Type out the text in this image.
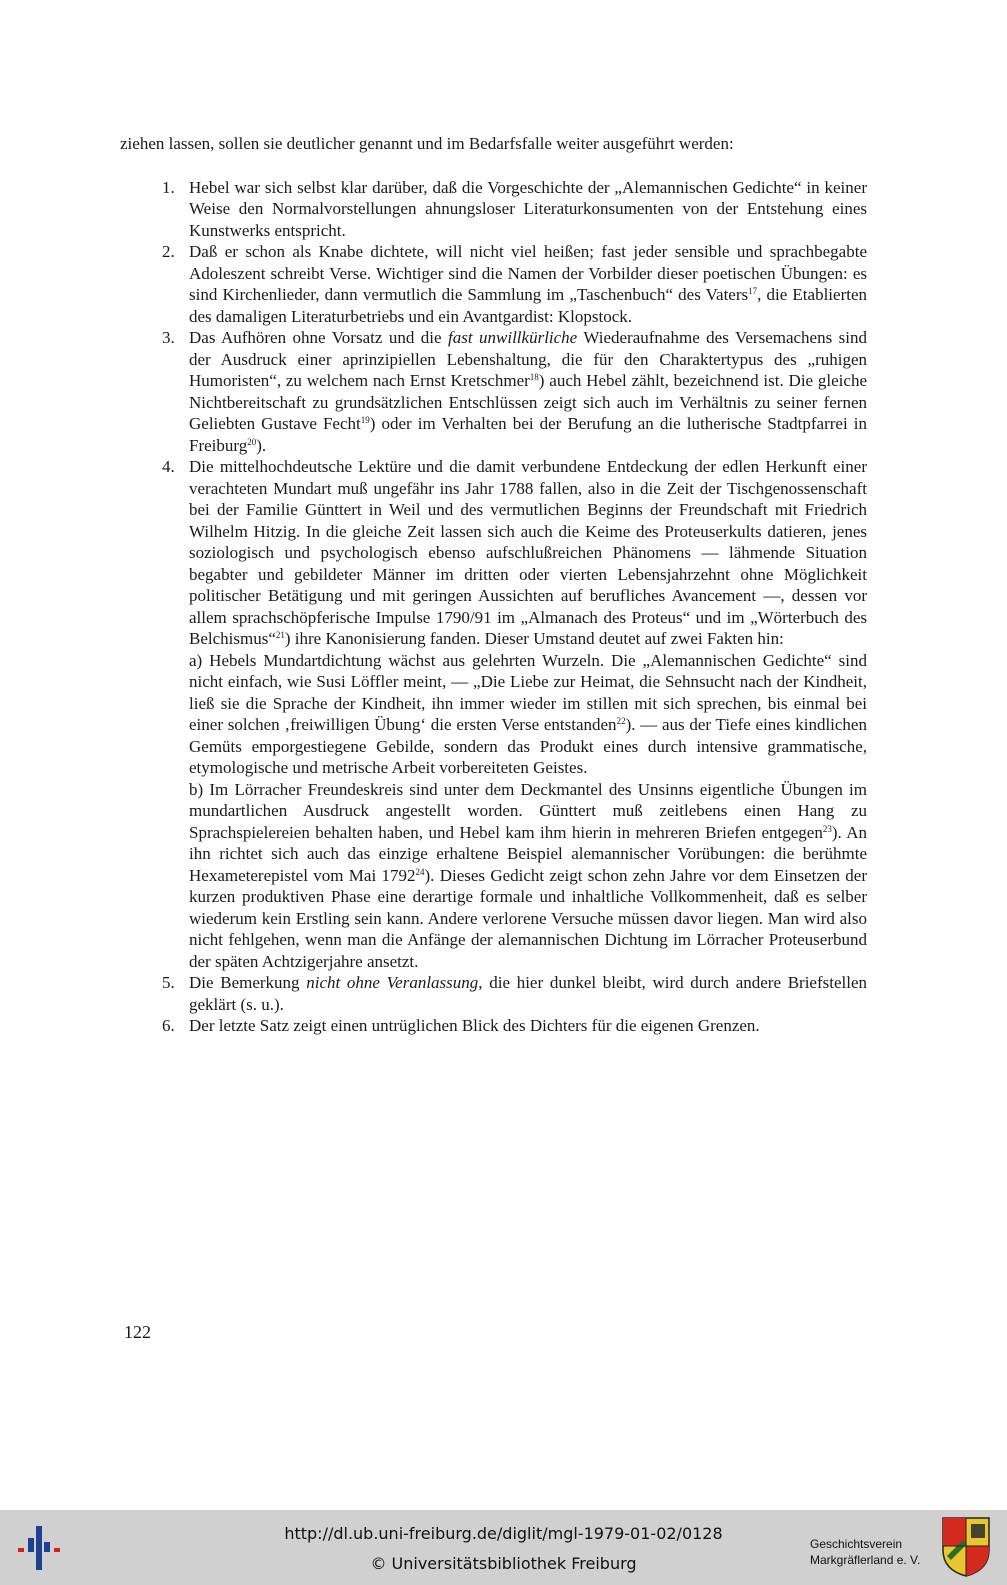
ziehen lassen, sollen sie deutlicher genannt und im Bedarfsfalle weiter ausgeführt werden:

1. Hebel war sich selbst klar darüber, daß die Vorgeschichte der „Alemannischen Gedichte“ in keiner Weise den Normalvorstellungen ahnungsloser Literaturkonsumenten von der Entstehung eines Kunstwerks entspricht.
2. Daß er schon als Knabe dichtete, will nicht viel heißen; fast jeder sensible und sprachbegabte Adoleszent schreibt Verse. Wichtiger sind die Namen der Vorbilder dieser poetischen Übungen: es sind Kirchenlieder, dann vermutlich die Sammlung im „Taschenbuch“ des Vaters$^{17}$, die Etablierten des damaligen Literaturbetriebs und ein Avantgardist: Klopstock.
3. Das Aufhören ohne Vorsatz und die fast unwillkürliche Wiederaufnahme des Versemachens sind der Ausdruck einer aprinzipiellen Lebenshaltung, die für den Charaktertypus des „ruhigen Humoristen“, zu welchem nach Ernst Kretschmer$^{18}$) auch Hebel zählt, bezeichnend ist. Die gleiche Nichtbereitschaft zu grundsätzlichen Entschlüssen zeigt sich auch im Verhältnis zu seiner fernen Geliebten Gustave Fecht$^{19}$) oder im Verhalten bei der Berufung an die lutherische Stadtpfarrei in Freiburg$^{20}$).
4. Die mittelhochdeutsche Lektüre und die damit verbundene Entdeckung der edlen Herkunft einer verachteten Mundart muß ungefähr ins Jahr 1788 fallen, also in die Zeit der Tischgenossenschaft bei der Familie Günttert in Weil und des vermutlichen Beginns der Freundschaft mit Friedrich Wilhelm Hitzig. In die gleiche Zeit lassen sich auch die Keime des Proteuserkults datieren, jenes soziologisch und psychologisch ebenso aufschlußreichen Phänomens — lähmende Situation begabter und gebildeter Männer im dritten oder vierten Lebensjahrzehnt ohne Möglichkeit politischer Betätigung und mit geringen Aussichten auf berufliches Avancement —, dessen vor allem sprachschöpferische Impulse 1790/91 im „Almanach des Proteus“ und im „Wörterbuch des Belchismus“$^{21}$) ihre Kanonisierung fanden. Dieser Umstand deutet auf zwei Fakten hin:

a) Hebels Mundartdichtung wächst aus gelehrten Wurzeln. Die „Alemannischen Gedichte“ sind nicht einfach, wie Susi Löffler meint, — „Die Liebe zur Heimat, die Sehnsucht nach der Kindheit, ließ sie die Sprache der Kindheit, ihn immer wieder im stillen mit sich sprechen, bis einmal bei einer solchen ‚freiwilligen Übung‘ die ersten Verse entstanden$^{22}$). — aus der Tiefe eines kindlichen Gemüts emporgestiegene Gebilde, sondern das Produkt eines durch intensive grammatische, etymologische und metrische Arbeit vorbereiteten Geistes.

b) Im Lörracher Freundeskreis sind unter dem Deckmantel des Unsinns eigentliche Übungen im mundartlichen Ausdruck angestellt worden. Günttert muß zeitlebens einen Hang zu Sprachspielereien behalten haben, und Hebel kam ihm hierin in mehreren Briefen entgegen$^{23}$). An ihn richtet sich auch das einzige erhaltene Beispiel alemannischer Vorübungen: die berühmte Hexameterepistel vom Mai 1792$^{24}$). Dieses Gedicht zeigt schon zehn Jahre vor dem Einsetzen der kurzen produktiven Phase eine derartige formale und inhaltliche Vollkommenheit, daß es selber wiederum kein Erstling sein kann. Andere verlorene Versuche müssen davor liegen. Man wird also nicht fehlgehen, wenn man die Anfänge der alemannischen Dichtung im Lörracher Proteuserbund der späten Achtzigerjahre ansetzt.

5. Die Bemerkung nicht ohne Veranlassung, die hier dunkel bleibt, wird durch andere Briefstellen geklärt (s. u.).
6. Der letzte Satz zeigt einen untrüglichen Blick des Dichters für die eigenen Grenzen.
122
http://dl.ub.uni-freiburg.de/diglit/mgl-1979-01-02/0128
© Universitätsbibliothek Freiburg
Geschichtsverein
Markgräflerland e. V.
